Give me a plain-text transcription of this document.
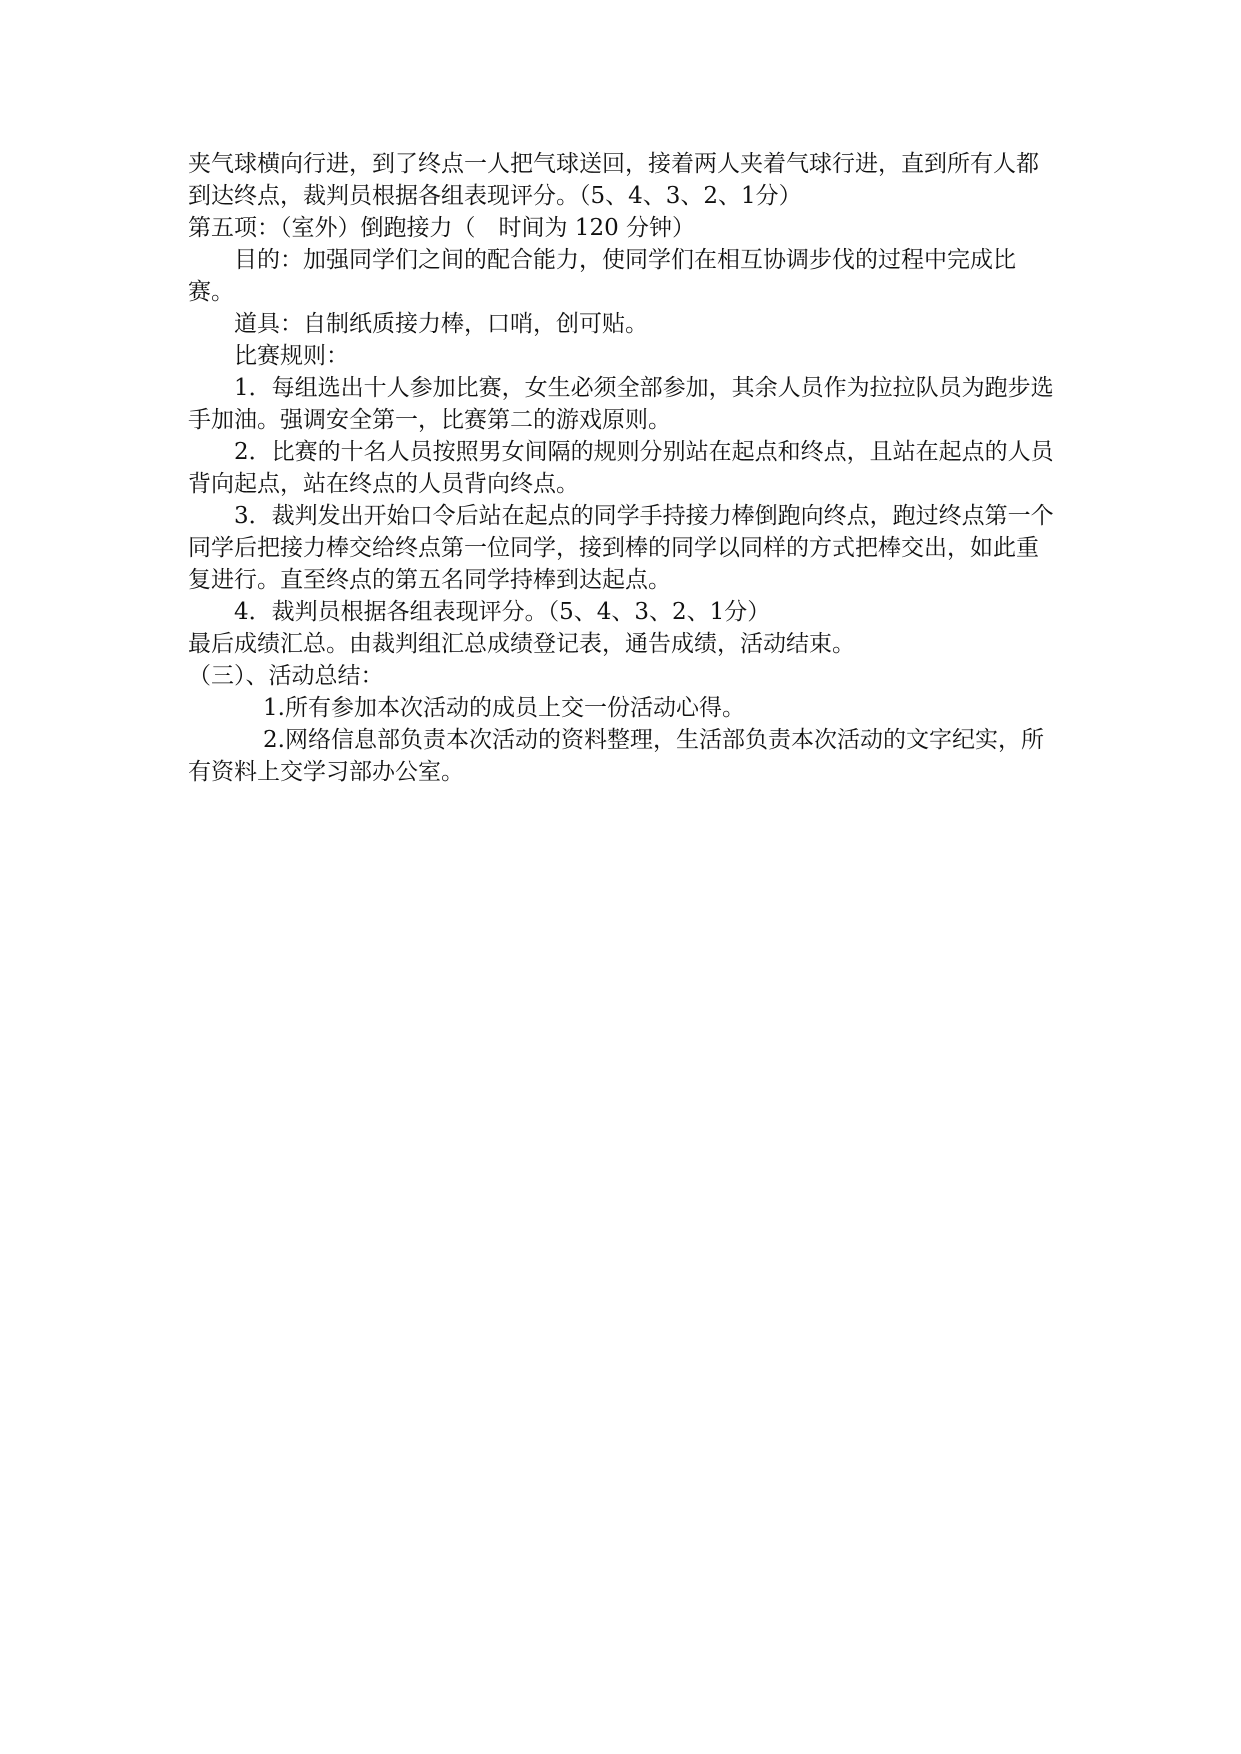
夹气球横向行进，到了终点一人把气球送回，接着两人夹着气球行进，直到所有人都到达终点，裁判员根据各组表现评分。（5、4、3、2、1分）

第五项：（室外）倒跑接力（　时间为 120 分钟）

目的：加强同学们之间的配合能力，使同学们在相互协调步伐的过程中完成比赛。

道具：自制纸质接力棒，口哨，创可贴。

比赛规则：

1．每组选出十人参加比赛，女生必须全部参加，其余人员作为拉拉队员为跑步选手加油。强调安全第一，比赛第二的游戏原则。

2．比赛的十名人员按照男女间隔的规则分别站在起点和终点，且站在起点的人员背向起点，站在终点的人员背向终点。

3．裁判发出开始口令后站在起点的同学手持接力棒倒跑向终点，跑过终点第一个同学后把接力棒交给终点第一位同学，接到棒的同学以同样的方式把棒交出，如此重复进行。直至终点的第五名同学持棒到达起点。

4．裁判员根据各组表现评分。（5、4、3、2、1分）

最后成绩汇总。由裁判组汇总成绩登记表，通告成绩，活动结束。

（三）、活动总结：

1.所有参加本次活动的成员上交一份活动心得。

2.网络信息部负责本次活动的资料整理，生活部负责本次活动的文字纪实，所有资料上交学习部办公室。
